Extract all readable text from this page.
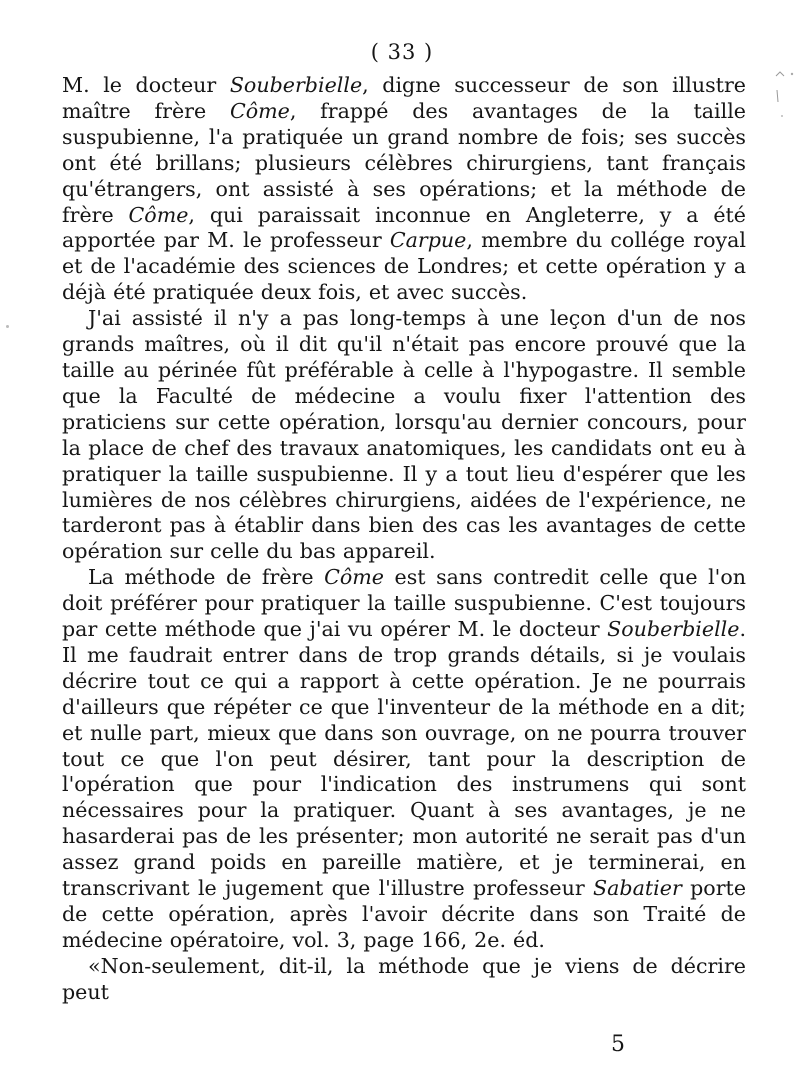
( 33 )

M. le docteur Souberbielle, digne successeur de son illustre maître frère Côme, frappé des avantages de la taille suspubienne, l'a pratiquée un grand nombre de fois; ses succès ont été brillans; plusieurs célèbres chirurgiens, tant français qu'étrangers, ont assisté à ses opérations; et la méthode de frère Côme, qui paraissait inconnue en Angleterre, y a été apportée par M. le professeur Carpue, membre du collége royal et de l'académie des sciences de Londres; et cette opération y a déjà été pratiquée deux fois, et avec succès.

J'ai assisté il n'y a pas long-temps à une leçon d'un de nos grands maîtres, où il dit qu'il n'était pas encore prouvé que la taille au périnée fût préférable à celle à l'hypogastre. Il semble que la Faculté de médecine a voulu fixer l'attention des praticiens sur cette opération, lorsqu'au dernier concours, pour la place de chef des travaux anatomiques, les candidats ont eu à pratiquer la taille suspubienne. Il y a tout lieu d'espérer que les lumières de nos célèbres chirurgiens, aidées de l'expérience, ne tarderont pas à établir dans bien des cas les avantages de cette opération sur celle du bas appareil.

La méthode de frère Côme est sans contredit celle que l'on doit préférer pour pratiquer la taille suspubienne. C'est toujours par cette méthode que j'ai vu opérer M. le docteur Souberbielle. Il me faudrait entrer dans de trop grands détails, si je voulais décrire tout ce qui a rapport à cette opération. Je ne pourrais d'ailleurs que répéter ce que l'inventeur de la méthode en a dit; et nulle part, mieux que dans son ouvrage, on ne pourra trouver tout ce que l'on peut désirer, tant pour la description de l'opération que pour l'indication des instrumens qui sont nécessaires pour la pratiquer. Quant à ses avantages, je ne hasarderai pas de les présenter; mon autorité ne serait pas d'un assez grand poids en pareille matière, et je terminerai, en transcrivant le jugement que l'illustre professeur Sabatier porte de cette opération, après l'avoir décrite dans son Traité de médecine opératoire, vol. 3, page 166, 2e. éd.

«Non-seulement, dit-il, la méthode que je viens de décrire peut

5
